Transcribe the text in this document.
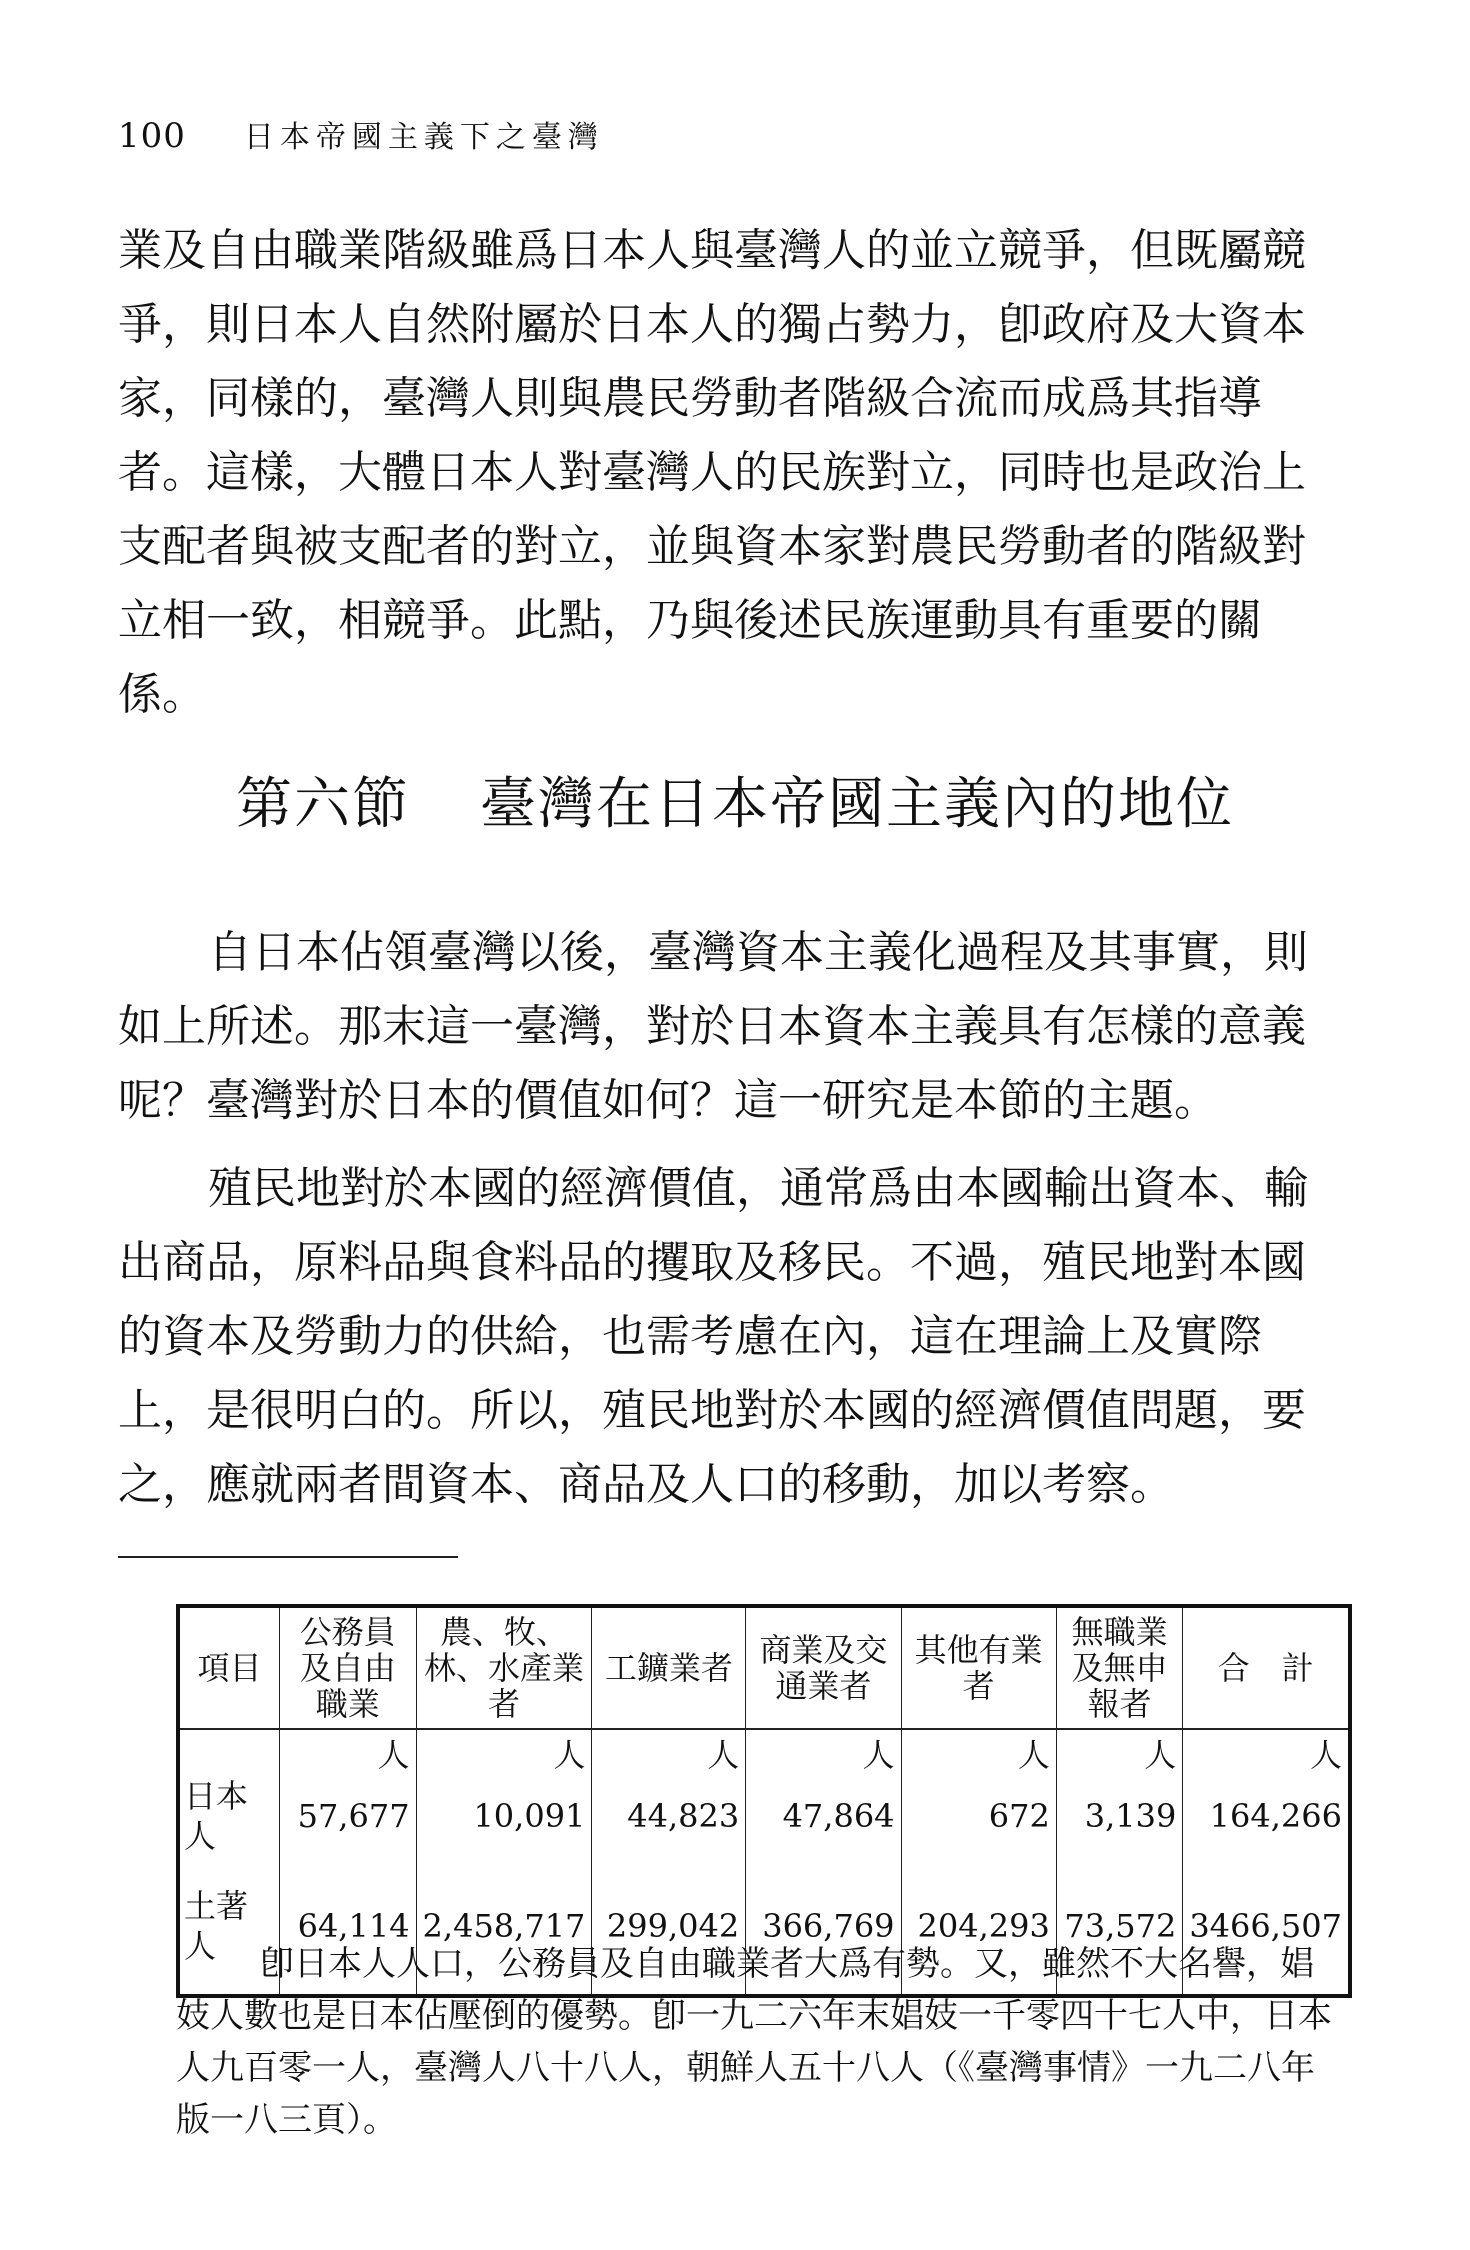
100 日本帝國主義下之臺灣

業及自由職業階級雖爲日本人與臺灣人的並立競爭，但既屬競爭，則日本人自然附屬於日本人的獨占勢力，卽政府及大資本家，同樣的，臺灣人則與農民勞動者階級合流而成爲其指導者。這樣，大體日本人對臺灣人的民族對立，同時也是政治上支配者與被支配者的對立，並與資本家對農民勞動者的階級對立相一致，相競爭。此點，乃與後述民族運動具有重要的關係。

第六節 臺灣在日本帝國主義內的地位

自日本佔領臺灣以後，臺灣資本主義化過程及其事實，則如上所述。那末這一臺灣，對於日本資本主義具有怎樣的意義呢？臺灣對於日本的價值如何？這一研究是本節的主題。

殖民地對於本國的經濟價值，通常爲由本國輸出資本、輸出商品，原料品與食料品的攫取及移民。不過，殖民地對本國的資本及勞動力的供給，也需考慮在內，這在理論上及實際上，是很明白的。所以，殖民地對於本國的經濟價值問題，要之，應就兩者間資本、商品及人口的移動，加以考察。

項目	公務員及自由職業	農、牧、林、水產業者	工鑛業者	商業及交通業者	其他有業者	無職業及無申報者	合　計
	人	人	人	人	人	人	人
日本人	57,677	10,091	44,823	47,864	672	3,139	164,266
土著人	64,114	2,458,717	299,042	366,769	204,293	73,572	3466,507

卽日本人人口，公務員及自由職業者大爲有勢。又，雖然不大名譽，娼妓人數也是日本佔壓倒的優勢。卽一九二六年末娼妓一千零四十七人中，日本人九百零一人，臺灣人八十八人，朝鮮人五十八人（《臺灣事情》一九二八年版一八三頁）。
